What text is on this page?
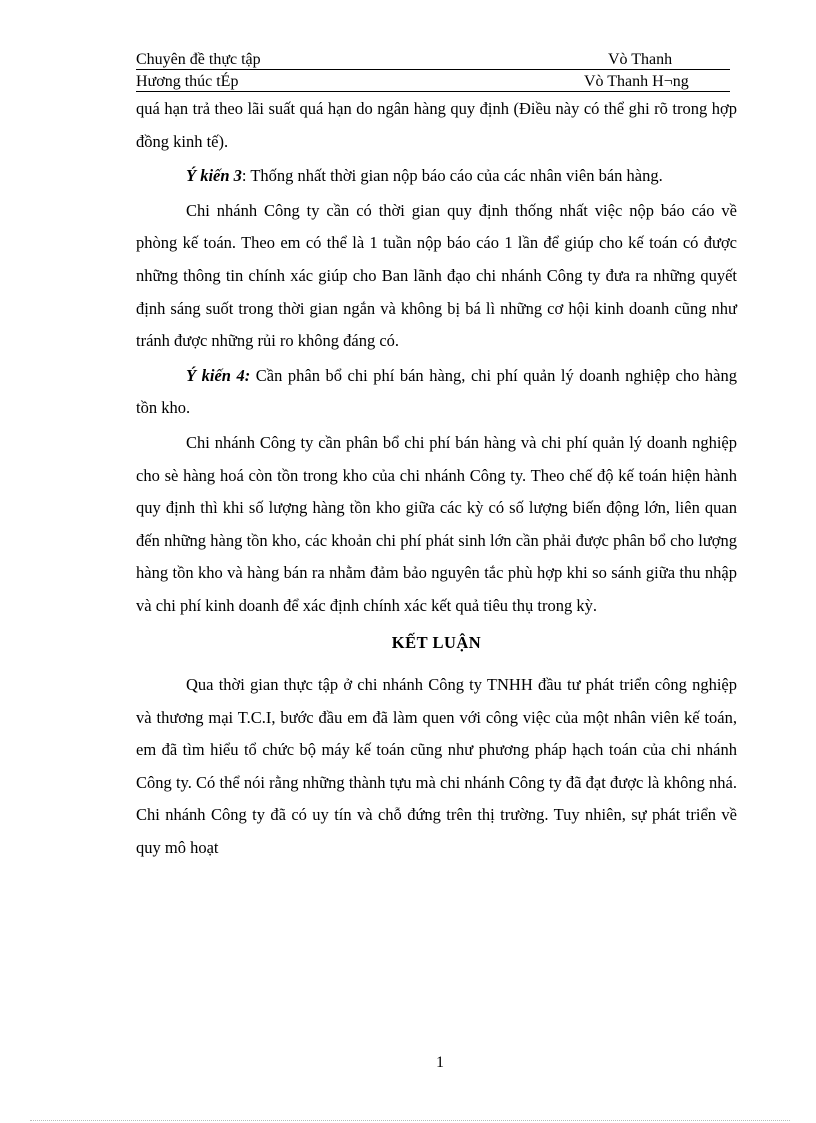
Chuyên đề thực tập	Vò Thanh
Hương thúc tÉp	Vò Thanh H¬ng

quá hạn trả theo lãi suất quá hạn do ngân hàng quy định (Điều này có thể ghi rõ trong hợp đồng kinh tế).

Ý kiến 3: Thống nhất thời gian nộp báo cáo của các nhân viên bán hàng.

Chi nhánh Công ty cần có thời gian quy định thống nhất việc nộp báo cáo về phòng kế toán. Theo em có thể là 1 tuần nộp báo cáo 1 lần để giúp cho kế toán có được những thông tin chính xác giúp cho Ban lãnh đạo chi nhánh Công ty đưa ra những quyết định sáng suốt trong thời gian ngắn và không bị bá lì những cơ hội kinh doanh cũng như tránh được những rủi ro không đáng có.

Ý kiến 4: Cần phân bổ chi phí bán hàng, chi phí quản lý doanh nghiệp cho hàng tồn kho.

Chi nhánh Công ty cần phân bổ chi phí bán hàng và chi phí quản lý doanh nghiệp cho sè hàng hoá còn tồn trong kho của chi nhánh Công ty. Theo chế độ kế toán hiện hành quy định thì khi số lượng hàng tồn kho giữa các kỳ có số lượng biến động lớn, liên quan đến những hàng tồn kho, các khoản chi phí phát sinh lớn cần phải được phân bổ cho lượng hàng tồn kho và hàng bán ra nhằm đảm bảo nguyên tắc phù hợp khi so sánh giữa thu nhập và chi phí kinh doanh để xác định chính xác kết quả tiêu thụ trong kỳ.

KẾT LUẬN

Qua thời gian thực tập ở chi nhánh Công ty TNHH đầu tư phát triển công nghiệp và thương mại T.C.I, bước đầu em đã làm quen với công việc của một nhân viên kế toán, em đã tìm hiểu tổ chức bộ máy kế toán cũng như phương pháp hạch toán của chi nhánh Công ty. Có thể nói rằng những thành tựu mà chi nhánh Công ty đã đạt được là không nhá. Chi nhánh Công ty đã có uy tín và chỗ đứng trên thị trường. Tuy nhiên, sự phát triển về quy mô hoạt

1
